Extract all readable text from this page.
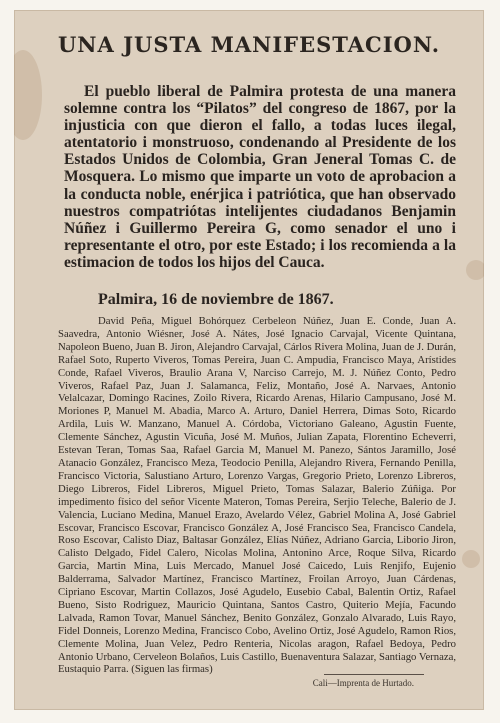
UNA JUSTA MANIFESTACION.

El pueblo liberal de Palmira protesta de una manera solemne contra los “Pilatos” del congreso de 1867, por la injusticia con que dieron el fallo, a todas luces ilegal, atentatorio i monstruoso, condenando al Presidente de los Estados Unidos de Colombia, Gran Jeneral Tomas C. de Mosquera. Lo mismo que imparte un voto de aprobacion a la conducta noble, enérjica i patriótica, que han observado nuestros compatriótas intelijentes ciudadanos Benjamin Núñez i Guillermo Pereira G, como senador el uno i representante el otro, por este Estado; i los recomienda a la estimacion de todos los hijos del Cauca.

Palmira, 16 de noviembre de 1867.

David Peña, Miguel Bohórquez Cerbeleon Núñez, Juan E. Conde, Juan A. Saavedra, Antonio Wiésner, José A. Nátes, José Ignacio Carvajal, Vicente Quintana, Napoleon Bueno, Juan B. Jiron, Alejandro Carvajal, Cárlos Rivera Molina, Juan de J. Durán, Rafael Soto, Ruperto Viveros, Tomas Pereira, Juan C. Ampudia, Francisco Maya, Arístides Conde, Rafael Viveros, Braulio Arana V, Narciso Carrejo, M. J. Núñez Conto, Pedro Viveros, Rafael Paz, Juan J. Salamanca, Feliz, Montaño, José A. Narvaes, Antonio Velalcazar, Domingo Racines, Zoilo Rivera, Ricardo Arenas, Hilario Campusano, José M. Moriones P, Manuel M. Abadia, Marco A. Arturo, Daniel Herrera, Dimas Soto, Ricardo Ardila, Luis W. Manzano, Manuel A. Córdoba, Victoriano Galeano, Agustin Fuente, Clemente Sánchez, Agustin Vicuña, José M. Muños, Julian Zapata, Florentino Echeverri, Estevan Teran, Tomas Saa, Rafael Garcia M, Manuel M. Panezo, Sántos Jaramillo, José Atanacio González, Francisco Meza, Teodocio Penilla, Alejandro Rivera, Fernando Penilla, Francisco Victoria, Salustiano Arturo, Lorenzo Vargas, Gregorio Prieto, Lorenzo Libreros, Diego Libreros, Fidel Libreros, Miguel Prieto, Tomas Salazar, Balerio Zúñiga. Por impedimento físico del señor Vicente Materon, Tomas Pereira, Serjio Teleche, Balerio de J. Valencia, Luciano Medina, Manuel Erazo, Avelardo Vélez, Gabriel Molina A, José Gabriel Escovar, Francisco Escovar, Francisco González A, José Francisco Sea, Francisco Candela, Roso Escovar, Calisto Diaz, Baltasar González, Elías Núñez, Adriano Garcia, Liborio Jiron, Calisto Delgado, Fidel Calero, Nicolas Molina, Antonino Arce, Roque Silva, Ricardo Garcia, Martin Mina, Luis Mercado, Manuel José Caicedo, Luis Renjifo, Eujenio Balderrama, Salvador Martínez, Francisco Martínez, Froilan Arroyo, Juan Cárdenas, Cipriano Escovar, Martin Collazos, José Agudelo, Eusebio Cabal, Balentin Ortiz, Rafael Bueno, Sisto Rodriguez, Mauricio Quintana, Santos Castro, Quiterio Mejía, Facundo Lalvada, Ramon Tovar, Manuel Sánchez, Benito González, Gonzalo Alvarado, Luis Rayo, Fidel Donneis, Lorenzo Medina, Francisco Cobo, Avelino Ortiz, José Agudelo, Ramon Rios, Clemente Molina, Juan Velez, Pedro Renteria, Nicolas aragon, Rafael Bedoya, Pedro Antonio Urbano, Cerveleon Bolaños, Luis Castillo, Buenaventura Salazar, Santiago Vernaza, Eustaquio Parra. (Siguen las firmas)

Cali—Imprenta de Hurtado.
